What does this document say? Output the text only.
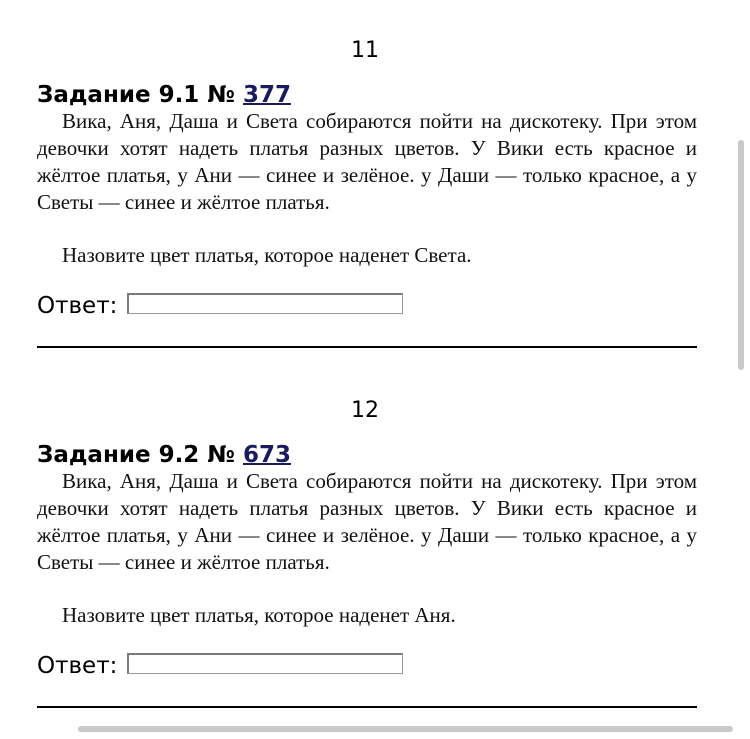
11
Задание 9.1 № 377
Вика, Аня, Даша и Света собираются пойти на дискотеку. При этом девочки хотят надеть платья разных цветов. У Вики есть красное и жёлтое платья, у Ани — синее и зелёное. у Даши — только красное, а у Светы — синее и жёлтое платья.
Назовите цвет платья, которое наденет Света.
Ответ:
12
Задание 9.2 № 673
Вика, Аня, Даша и Света собираются пойти на дискотеку. При этом девочки хотят надеть платья разных цветов. У Вики есть красное и жёлтое платья, у Ани — синее и зелёное. у Даши — только красное, а у Светы — синее и жёлтое платья.
Назовите цвет платья, которое наденет Аня.
Ответ:
